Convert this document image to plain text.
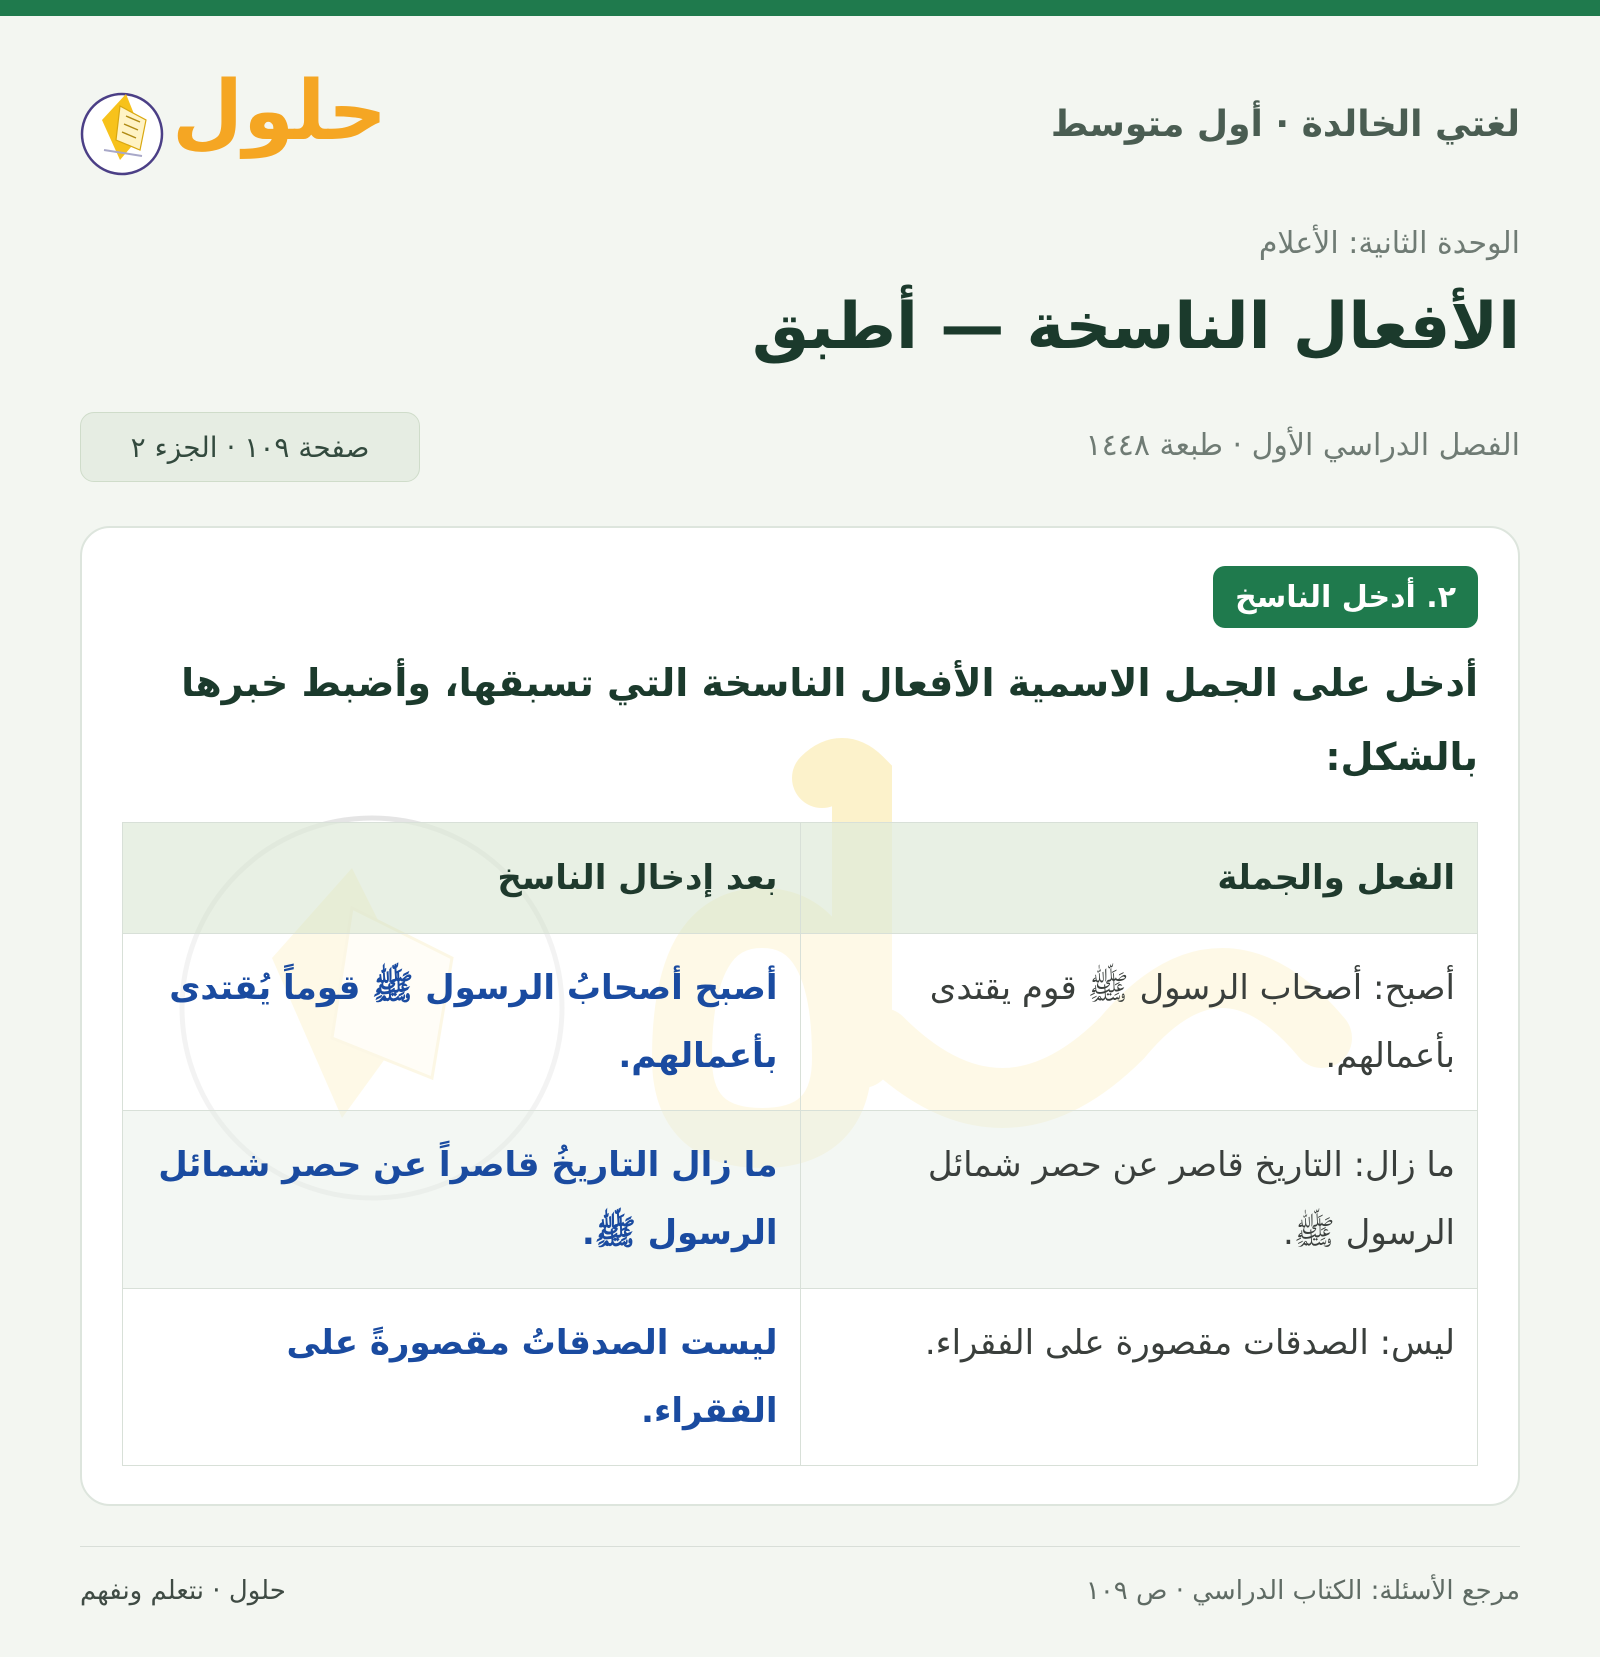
لغتي الخالدة · أول متوسط
حلول
الوحدة الثانية: الأعلام
الأفعال الناسخة — أطبق
الفصل الدراسي الأول · طبعة ١٤٤٨
صفحة ١٠٩ · الجزء ٢
٢. أدخل الناسخ
أدخل على الجمل الاسمية الأفعال الناسخة التي تسبقها، وأضبط خبرها بالشكل:
الفعل والجملة	بعد إدخال الناسخ
أصبح: أصحاب الرسول ﷺ قوم يقتدى بأعمالهم.	أصبح أصحابُ الرسول ﷺ قوماً يُقتدى بأعمالهم.
ما زال: التاريخ قاصر عن حصر شمائل الرسول ﷺ.	ما زال التاريخُ قاصراً عن حصر شمائل الرسول ﷺ.
ليس: الصدقات مقصورة على الفقراء.	ليست الصدقاتُ مقصورةً على الفقراء.
مرجع الأسئلة: الكتاب الدراسي · ص ١٠٩
حلول · نتعلم ونفهم
